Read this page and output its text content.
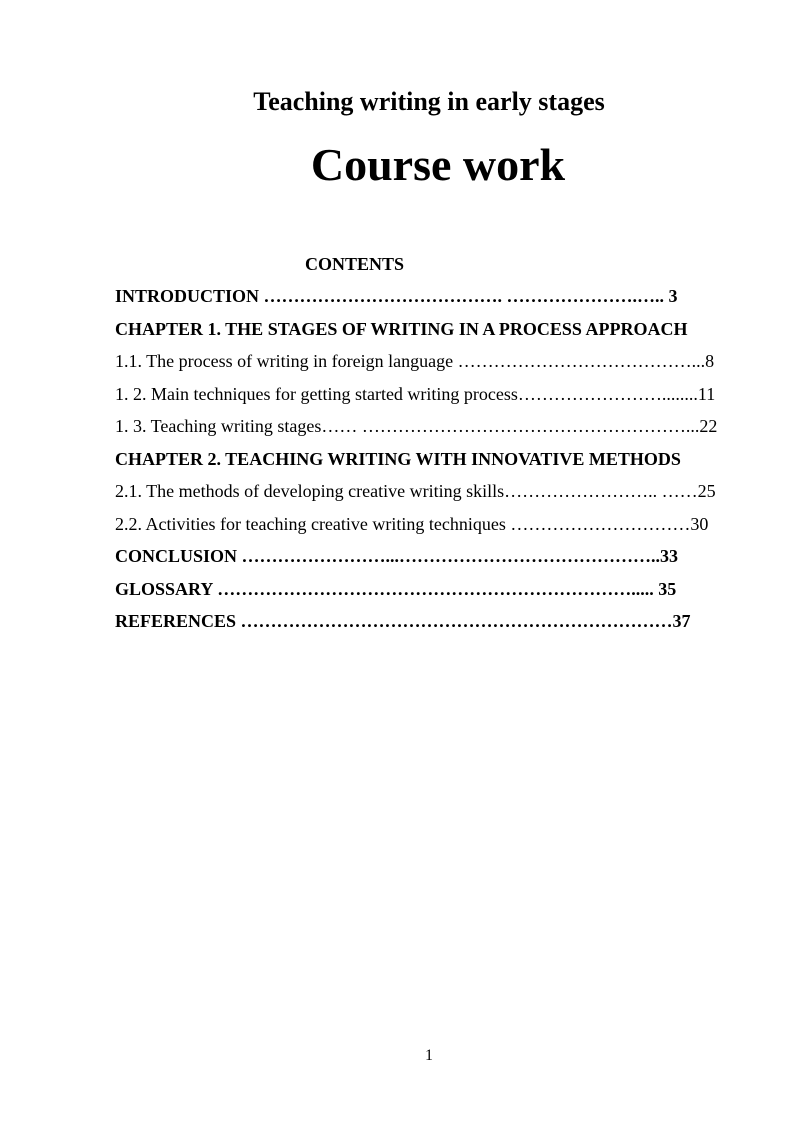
Teaching writing in early stages
Course work
CONTENTS
INTRODUCTION …………………………………. ………………….….. 3
CHAPTER 1. THE STAGES OF WRITING IN A PROCESS APPROACH
1.1. The process of writing in foreign language …………………………………...8
1. 2. Main techniques for getting started writing process……………………........11
1. 3. Teaching writing stages…… ………………………………………………...22
CHAPTER 2. TEACHING WRITING WITH INNOVATIVE METHODS
2.1. The methods of developing creative writing skills…………………….. ……25
2.2. Activities for teaching creative writing techniques …………………………30
CONCLUSION ……………………...……………………………………..33
GLOSSARY ……………………………………………………………..... 35
REFERENCES ………………………………………………………………37
1
